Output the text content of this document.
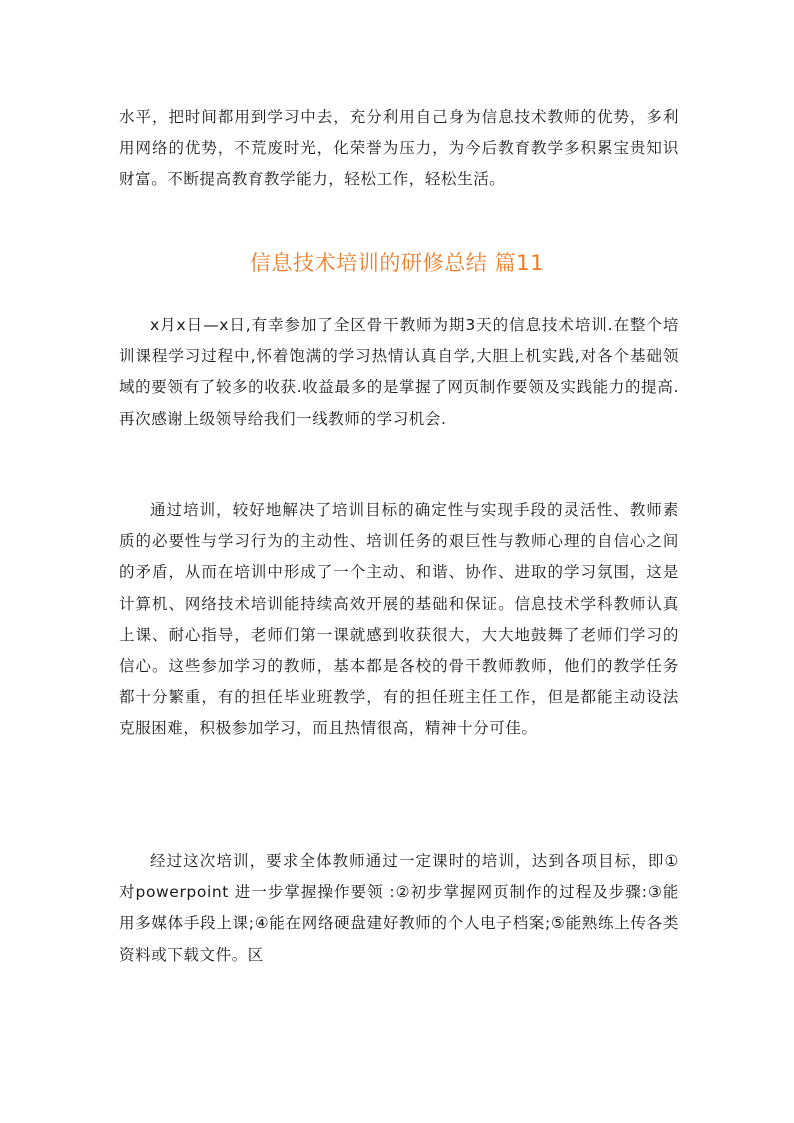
水平，把时间都用到学习中去，充分利用自己身为信息技术教师的优势，多利用网络的优势，不荒废时光，化荣誉为压力，为今后教育教学多积累宝贵知识财富。不断提高教育教学能力，轻松工作，轻松生活。

信息技术培训的研修总结 篇11

x月x日—x日,有幸参加了全区骨干教师为期3天的信息技术培训.在整个培训课程学习过程中,怀着饱满的学习热情认真自学,大胆上机实践,对各个基础领域的要领有了较多的收获.收益最多的是掌握了网页制作要领及实践能力的提高.再次感谢上级领导给我们一线教师的学习机会.

通过培训，较好地解决了培训目标的确定性与实现手段的灵活性、教师素质的必要性与学习行为的主动性、培训任务的艰巨性与教师心理的自信心之间的矛盾，从而在培训中形成了一个主动、和谐、协作、进取的学习氛围，这是计算机、网络技术培训能持续高效开展的基础和保证。信息技术学科教师认真上课、耐心指导，老师们第一课就感到收获很大，大大地鼓舞了老师们学习的信心。这些参加学习的教师，基本都是各校的骨干教师教师，他们的教学任务都十分繁重，有的担任毕业班教学，有的担任班主任工作，但是都能主动设法克服困难，积极参加学习，而且热情很高，精神十分可佳。

经过这次培训，要求全体教师通过一定课时的培训，达到各项目标，即①对powerpoint 进一步掌握操作要领 :②初步掌握网页制作的过程及步骤:③能用多媒体手段上课;④能在网络硬盘建好教师的个人电子档案;⑤能熟练上传各类资料或下载文件。区
